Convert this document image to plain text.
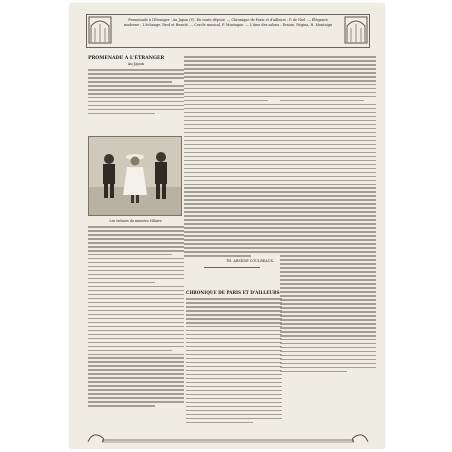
Promenade à l'Étranger : Au Japon (V). En route déposé. — Chronique de Paris et d'ailleurs : P. de Niel. — Élégance moderne : L'échange, Fard et Beauté. — Cercle musical, P. Montagne. — L'âme des salons : Ernoin, Régina, H. Montaigu
PROMENADE A L'ÉTRANGER
Au Japon
Les enfants du ministre Hilaire.
TH. ARSÈNE COULBEAUX.
CHRONIQUE DE PARIS ET D'AILLEURS
